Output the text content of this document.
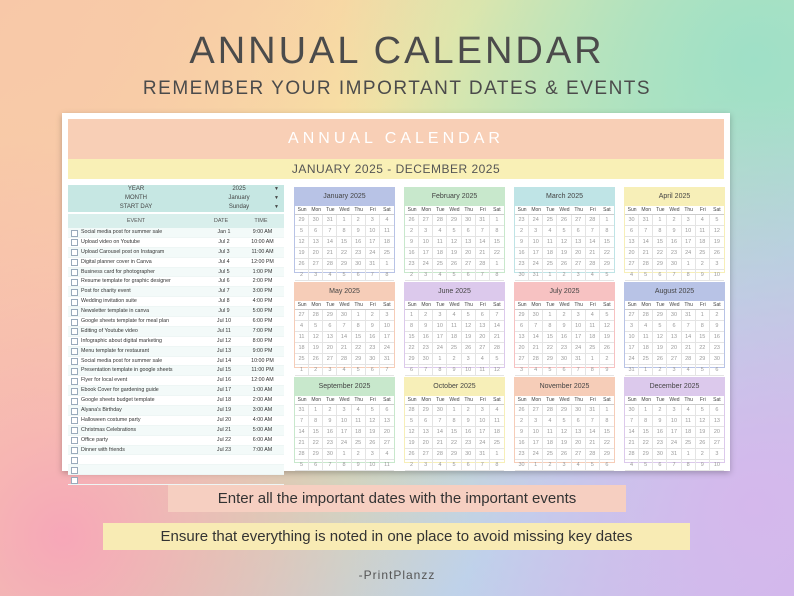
ANNUAL CALENDAR
REMEMBER YOUR IMPORTANT DATES & EVENTS
ANNUAL CALENDAR
JANUARY 2025 - DECEMBER 2025
YEAR	2025	▼
MONTH	January	▼
START DAY	Sunday	▼
EVENT	DATE	TIME
Social media post for summer sale	Jan 1	9:00 AM
Upload video on Youtube	Jul 2	10:00 AM
Upload Carousel post on Instagram	Jul 3	11:00 AM
Digital planner cover in Canva	Jul 4	12:00 PM
Business card for photographer	Jul 5	1:00 PM
Resume template for graphic designer	Jul 6	2:00 PM
Post for charity event	Jul 7	3:00 PM
Wedding invitation suite	Jul 8	4:00 PM
Newsletter template in canva	Jul 9	5:00 PM
Google sheets template for meal plan	Jul 10	6:00 PM
Editing of Youtube video	Jul 11	7:00 PM
Infographic about digital marketing	Jul 12	8:00 PM
Menu template for restaurant	Jul 13	9:00 PM
Social media post for summer sale	Jul 14	10:00 PM
Presentation template in google sheets	Jul 15	11:00 PM
Flyer for local event	Jul 16	12:00 AM
Ebook Cover for gardening guide	Jul 17	1:00 AM
Google sheets budget template	Jul 18	2:00 AM
Alyana's Birthday	Jul 19	3:00 AM
Halloween costume party	Jul 20	4:00 AM
Christmas Celebrations	Jul 21	5:00 AM
Office party	Jul 22	6:00 AM
Dinner with friends	Jul 23	7:00 AM
January 2025
Sun Mon	Tue Wed Thu	Fri	Sat
29	30	31	1	2	3	4
5	6	7	8	9	10	11
12	13	14	15	16	17	18
19	20	21	22	23	24	25
26	27	28	29	30	31	1
2	3	4	5	6	7	8
February 2025
Sun Mon	Tue Wed Thu	Fri	Sat
26	27	28	29	30	31	1
2	3	4	5	6	7	8
9	10	11	12	13	14	15
16	17	18	19	20	21	22
23	24	25	26	27	28	1
2	3	4	5	6	7	8
March 2025
Sun Mon	Tue Wed Thu	Fri	Sat
23	24	25	26	27	28	1
2	3	4	5	6	7	8
9	10	11	12	13	14	15
16	17	18	19	20	21	22
23	24	25	26	27	28	29
30	31	1	2	3	4	5
April 2025
Sun Mon	Tue Wed Thu	Fri	Sat
30	31	1	2	3	4	5
6	7	8	9	10	11	12
13	14	15	16	17	18	19
20	21	22	23	24	25	26
27	28	29	30	1	2	3
4	5	6	7	8	9	10
May 2025
Sun Mon	Tue Wed Thu	Fri	Sat
27	28	29	30	1	2	3
4	5	6	7	8	9	10
11	12	13	14	15	16	17
18	19	20	21	22	23	24
25	26	27	28	29	30	31
1	2	3	4	5	6	7
June 2025
Sun Mon	Tue Wed Thu	Fri	Sat
1	2	3	4	5	6	7
8	9	10	11	12	13	14
15	16	17	18	19	20	21
22	23	24	25	26	27	28
29	30	1	2	3	4	5
6	7	8	9	10	11	12
July 2025
Sun Mon	Tue Wed Thu	Fri	Sat
29	30	1	2	3	4	5
6	7	8	9	10	11	12
13	14	15	16	17	18	19
20	21	22	23	24	25	26
27	28	29	30	31	1	2
3	4	5	6	7	8	9
August 2025
Sun Mon	Tue Wed Thu	Fri	Sat
27	28	29	30	31	1	2
3	4	5	6	7	8	9
10	11	12	13	14	15	16
17	18	19	20	21	22	23
24	25	26	27	28	29	30
31	1	2	3	4	5	6
September 2025
Sun Mon	Tue Wed Thu	Fri	Sat
31	1	2	3	4	5	6
7	8	9	10	11	12	13
14	15	16	17	18	19	20
21	22	23	24	25	26	27
28	29	30	1	2	3	4
5	6	7	8	9	10	11
October 2025
Sun Mon	Tue Wed Thu	Fri	Sat
28	29	30	1	2	3	4
5	6	7	8	9	10	11
12	13	14	15	16	17	18
19	20	21	22	23	24	25
26	27	28	29	30	31	1
2	3	4	5	6	7	8
November 2025
Sun Mon	Tue Wed Thu	Fri	Sat
26	27	28	29	30	31	1
2	3	4	5	6	7	8
9	10	11	12	13	14	15
16	17	18	19	20	21	22
23	24	25	26	27	28	29
30	1	2	3	4	5	6
December 2025
Sun Mon	Tue Wed Thu	Fri	Sat
30	1	2	3	4	5	6
7	8	9	10	11	12	13
14	15	16	17	18	19	20
21	22	23	24	25	26	27
28	29	30	31	1	2	3
4	5	6	7	8	9	10
Enter all the important dates with the important events
Ensure that everything is noted in one place to avoid missing key dates
-PrintPlanzz
